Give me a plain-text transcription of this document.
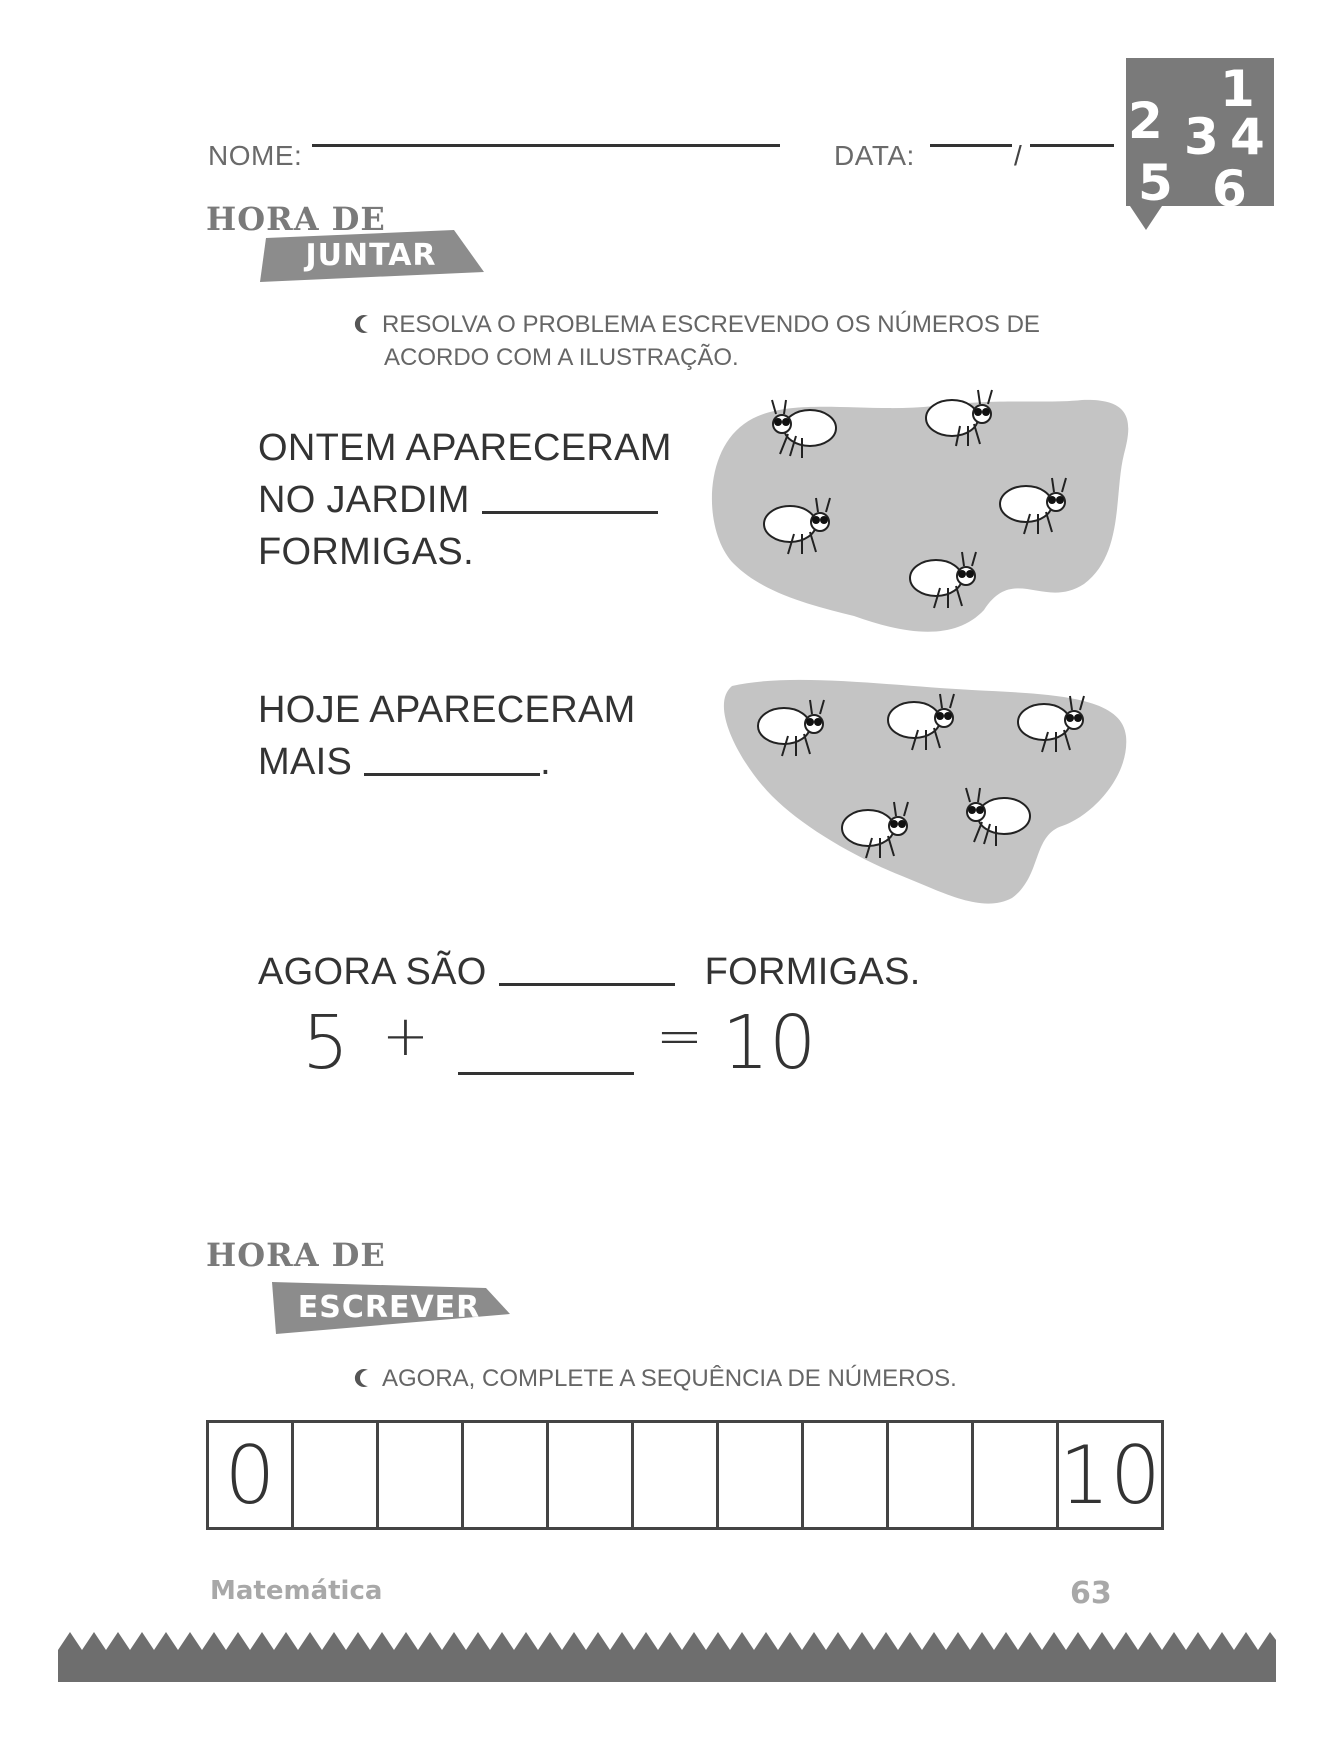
NOME:	DATA:	/
1
2 3 4
5 6
HORA DE
JUNTAR
RESOLVA O PROBLEMA ESCREVENDO OS NÚMEROS DE
ACORDO COM A ILUSTRAÇÃO.
ONTEM APARECERAM
NO JARDIM
FORMIGAS.
HOJE APARECERAM
MAIS	.
AGORA SÃO	FORMIGAS.
5 +	= 10
HORA DE
ESCREVER
AGORA, COMPLETE A SEQUÊNCIA DE NÚMEROS.
0	10
Matemática	63
